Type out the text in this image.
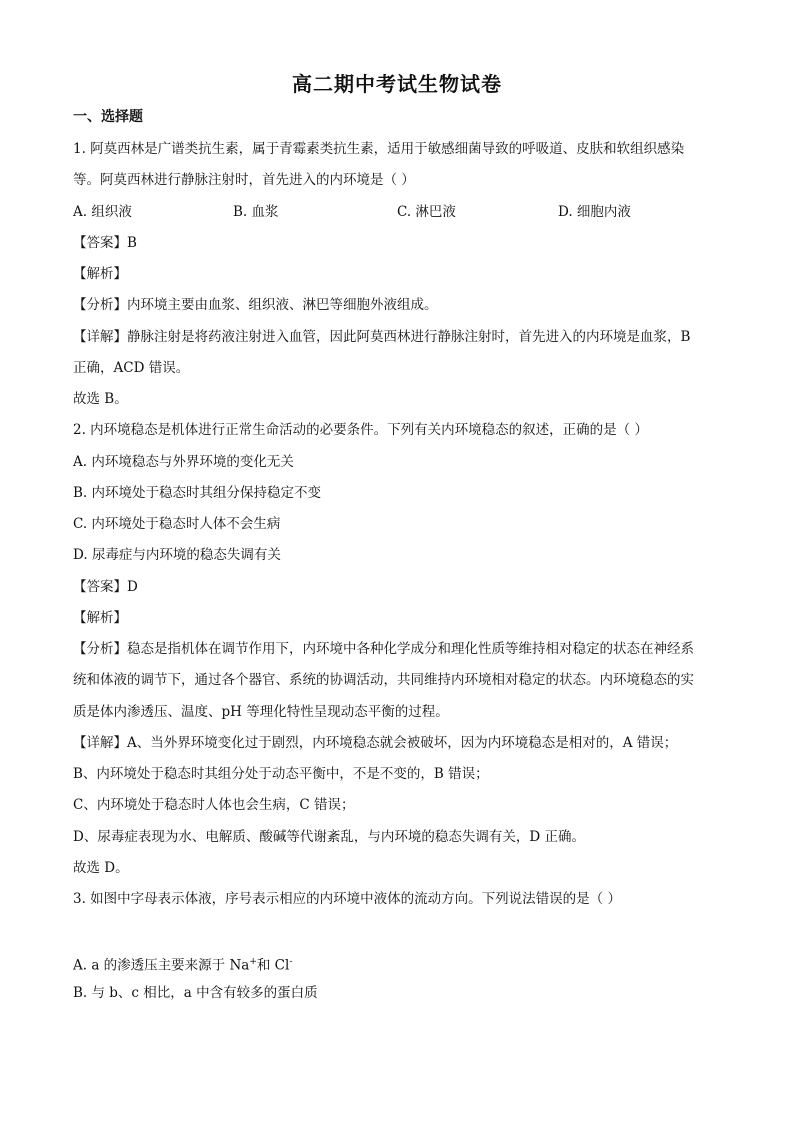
高二期中考试生物试卷
一、选择题
1. 阿莫西林是广谱类抗生素，属于青霉素类抗生素，适用于敏感细菌导致的呼吸道、皮肤和软组织感染
等。阿莫西林进行静脉注射时，首先进入的内环境是（ ）
A. 组织液	B. 血浆	C. 淋巴液	D. 细胞内液
【答案】B
【解析】
【分析】内环境主要由血浆、组织液、淋巴等细胞外液组成。
【详解】静脉注射是将药液注射进入血管，因此阿莫西林进行静脉注射时，首先进入的内环境是血浆，B
正确，ACD 错误。
故选 B。
2. 内环境稳态是机体进行正常生命活动的必要条件。下列有关内环境稳态的叙述，正确的是（ ）
A. 内环境稳态与外界环境的变化无关
B. 内环境处于稳态时其组分保持稳定不变
C. 内环境处于稳态时人体不会生病
D. 尿毒症与内环境的稳态失调有关
【答案】D
【解析】
【分析】稳态是指机体在调节作用下，内环境中各种化学成分和理化性质等维持相对稳定的状态在神经系
统和体液的调节下，通过各个器官、系统的协调活动，共同维持内环境相对稳定的状态。内环境稳态的实
质是体内渗透压、温度、pH 等理化特性呈现动态平衡的过程。
【详解】A、当外界环境变化过于剧烈，内环境稳态就会被破坏，因为内环境稳态是相对的，A 错误；
B、内环境处于稳态时其组分处于动态平衡中，不是不变的，B 错误；
C、内环境处于稳态时人体也会生病，C 错误；
D、尿毒症表现为水、电解质、酸碱等代谢紊乱，与内环境的稳态失调有关，D 正确。
故选 D。
3. 如图中字母表示体液，序号表示相应的内环境中液体的流动方向。下列说法错误的是（ ）
A. a 的渗透压主要来源于 Na+和 Cl-
B. 与 b、c 相比，a 中含有较多的蛋白质
